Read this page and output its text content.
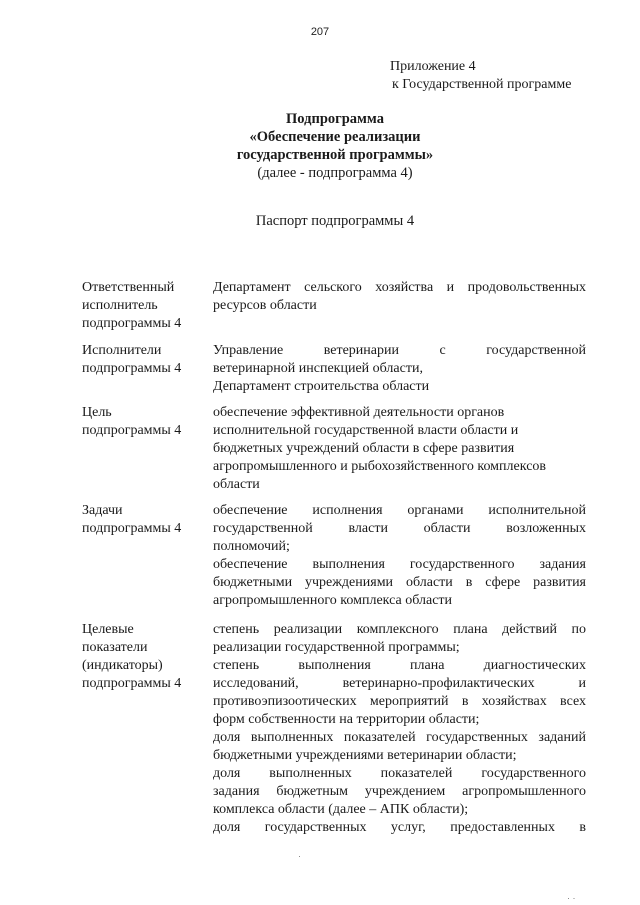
207
Приложение 4
к Государственной программе
Подпрограмма
«Обеспечение реализации
государственной программы»
(далее - подпрограмма 4)
Паспорт подпрограммы 4
Ответственный
исполнитель
подпрограммы 4

Департамент сельского хозяйства и продовольственных

ресурсов области

Исполнители
подпрограммы 4

Управление ветеринарии с государственной

ветеринарной инспекцией области,

Департамент строительства области

Цель
подпрограммы 4

обеспечение эффективной деятельности органов

исполнительной государственной власти области и

бюджетных учреждений области в сфере развития

агропромышленного и рыбохозяйственного комплексов

области

Задачи
подпрограммы 4

обеспечение исполнения органами исполнительной

государственной власти области возложенных

полномочий;

обеспечение выполнения государственного задания

бюджетными учреждениями области в сфере развития

агропромышленного комплекса области

Целевые
показатели
(индикаторы)
подпрограммы 4

степень реализации комплексного плана действий по

реализации государственной программы;

степень выполнения плана диагностических

исследований, ветеринарно-профилактических и

противоэпизоотических мероприятий в хозяйствах всех

форм собственности на территории области;

доля выполненных показателей государственных заданий

бюджетными учреждениями ветеринарии области;

доля выполненных показателей государственного

задания бюджетным учреждением агропромышленного

комплекса области (далее – АПК области);

доля государственных услуг, предоставленных в

·
· ·
